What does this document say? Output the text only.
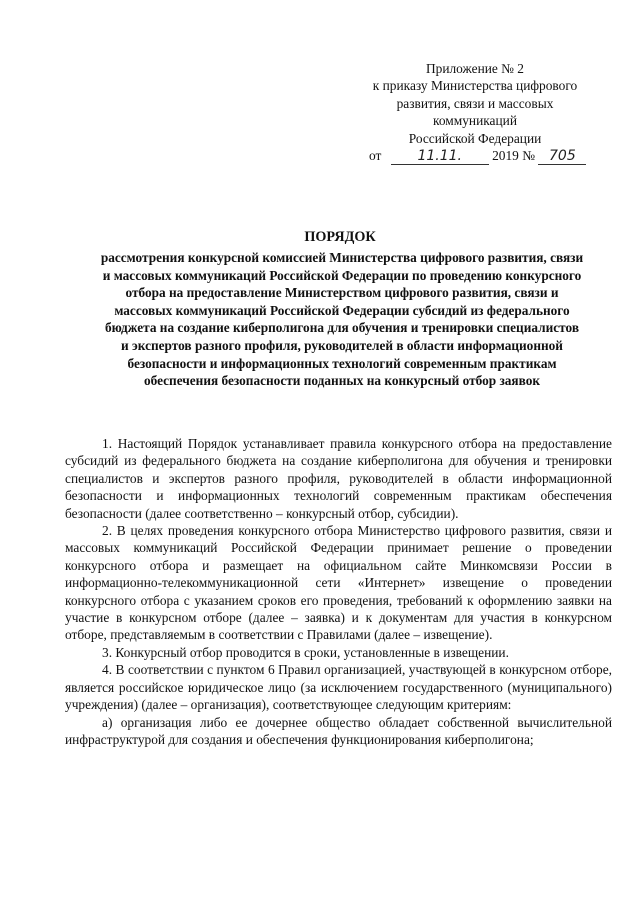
Приложение № 2
к приказу Министерства цифрового
развития, связи и массовых
коммуникаций
Российской Федерации
от	11.11. 2019 № 705
ПОРЯДОК
рассмотрения конкурсной комиссией Министерства цифрового развития, связи
и массовых коммуникаций Российской Федерации по проведению конкурсного
отбора на предоставление Министерством цифрового развития, связи и
массовых коммуникаций Российской Федерации субсидий из федерального
бюджета на создание киберполигона для обучения и тренировки специалистов
и экспертов разного профиля, руководителей в области информационной
безопасности и информационных технологий современным практикам
обеспечения безопасности поданных на конкурсный отбор заявок

1. Настоящий Порядок устанавливает правила конкурсного отбора на предоставление субсидий из федерального бюджета на создание киберполигона для обучения и тренировки специалистов и экспертов разного профиля, руководителей в области информационной безопасности и информационных технологий современным практикам обеспечения безопасности (далее соответственно – конкурсный отбор, субсидии).

2. В целях проведения конкурсного отбора Министерство цифрового развития, связи и массовых коммуникаций Российской Федерации принимает решение о проведении конкурсного отбора и размещает на официальном сайте Минкомсвязи России в информационно-телекоммуникационной сети «Интернет» извещение о проведении конкурсного отбора с указанием сроков его проведения, требований к оформлению заявки на участие в конкурсном отборе (далее – заявка) и к документам для участия в конкурсном отборе, представляемым в соответствии с Правилами (далее – извещение).

3. Конкурсный отбор проводится в сроки, установленные в извещении.

4. В соответствии с пунктом 6 Правил организацией, участвующей в конкурсном отборе, является российское юридическое лицо (за исключением государственного (муниципального) учреждения) (далее – организация), соответствующее следующим критериям:

а) организация либо ее дочернее общество обладает собственной вычислительной инфраструктурой для создания и обеспечения функционирования киберполигона;
